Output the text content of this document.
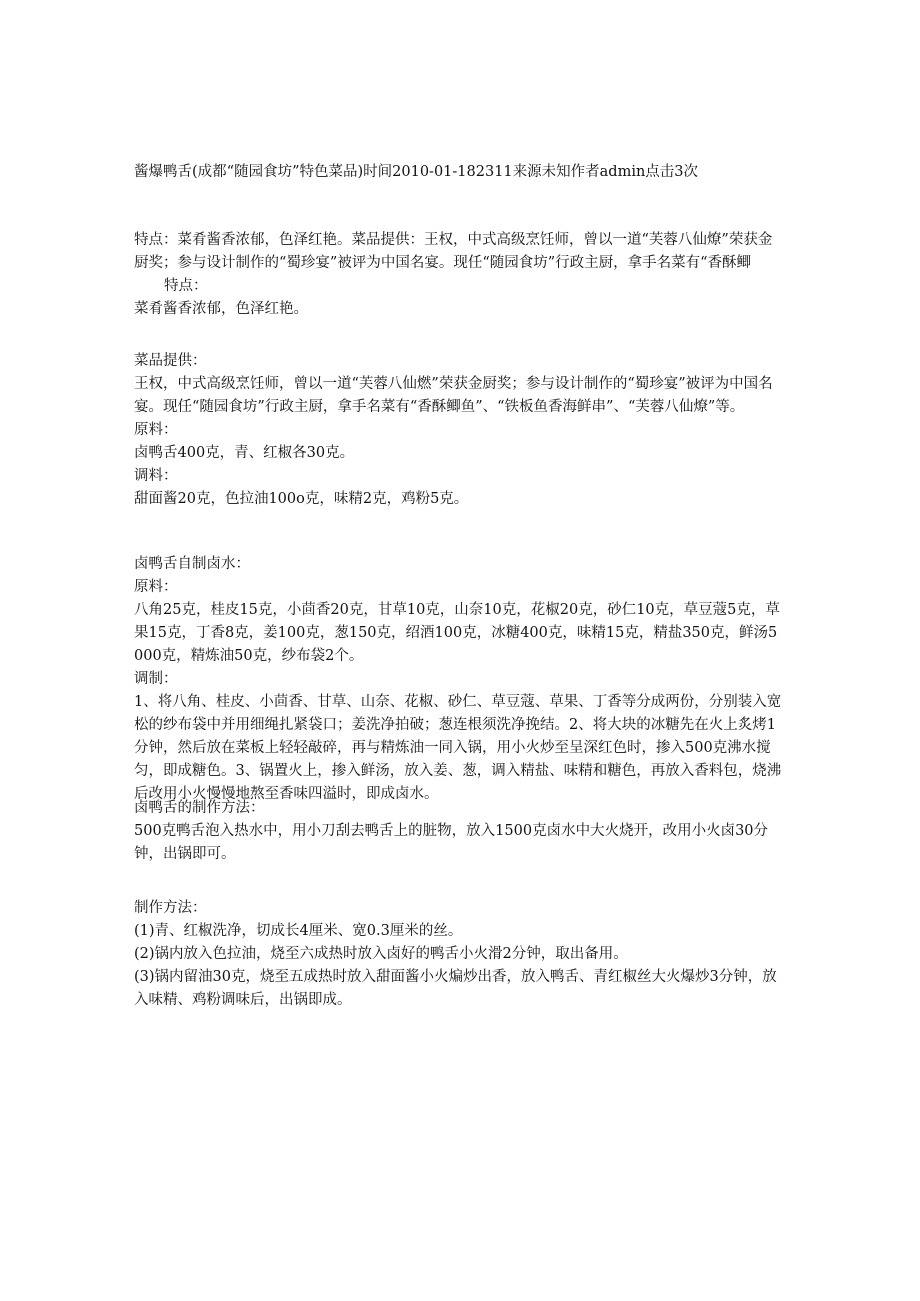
酱爆鸭舌(成都“随园食坊”特色菜品)时间2010-01-182311来源未知作者admin点击3次

特点：菜肴酱香浓郁，色泽红艳。菜品提供：王权，中式高级烹饪师，曾以一道“芙蓉八仙燎”荣获金厨奖；参与设计制作的“蜀珍宴”被评为中国名宴。现任“随园食坊”行政主厨，拿手名菜有“香酥鲫

特点：

菜肴酱香浓郁，色泽红艳。

菜品提供：

王权，中式高级烹饪师，曾以一道“芙蓉八仙燃”荣获金厨奖；参与设计制作的“蜀珍宴”被评为中国名宴。现任“随园食坊”行政主厨，拿手名菜有“香酥鲫鱼”、“铁板鱼香海鲜串”、“芙蓉八仙燎”等。

原料：

卤鸭舌400克，青、红椒各30克。

调料：

甜面酱20克，色拉油100o克，味精2克，鸡粉5克。

卤鸭舌自制卤水：

原料：

八角25克，桂皮15克，小茴香20克，甘草10克，山奈10克，花椒20克，砂仁10克，草豆蔻5克，草果15克，丁香8克，姜100克，葱150克，绍酒100克，冰糖400克，味精15克，精盐350克，鲜汤5000克，精炼油50克，纱布袋2个。

调制：

1、将八角、桂皮、小茴香、甘草、山奈、花椒、砂仁、草豆蔻、草果、丁香等分成两份，分别装入宽松的纱布袋中并用细绳扎紧袋口；姜洗净拍破；葱连根须洗净挽结。2、将大块的冰糖先在火上炙烤1分钟，然后放在菜板上轻轻敲碎，再与精炼油一同入锅，用小火炒至呈深红色时，掺入500克沸水搅匀，即成糖色。3、锅置火上，掺入鲜汤，放入姜、葱，调入精盐、味精和糖色，再放入香料包，烧沸后改用小火慢慢地熬至香味四溢时，即成卤水。

卤鸭舌的制作方法：

500克鸭舌泡入热水中，用小刀刮去鸭舌上的脏物，放入1500克卤水中大火烧开，改用小火卤30分钟，出锅即可。

制作方法：

(1)青、红椒洗净，切成长4厘米、宽0.3厘米的丝。

(2)锅内放入色拉油，烧至六成热时放入卤好的鸭舌小火滑2分钟，取出备用。

(3)锅内留油30克，烧至五成热时放入甜面酱小火煸炒出香，放入鸭舌、青红椒丝大火爆炒3分钟，放入味精、鸡粉调味后，出锅即成。
